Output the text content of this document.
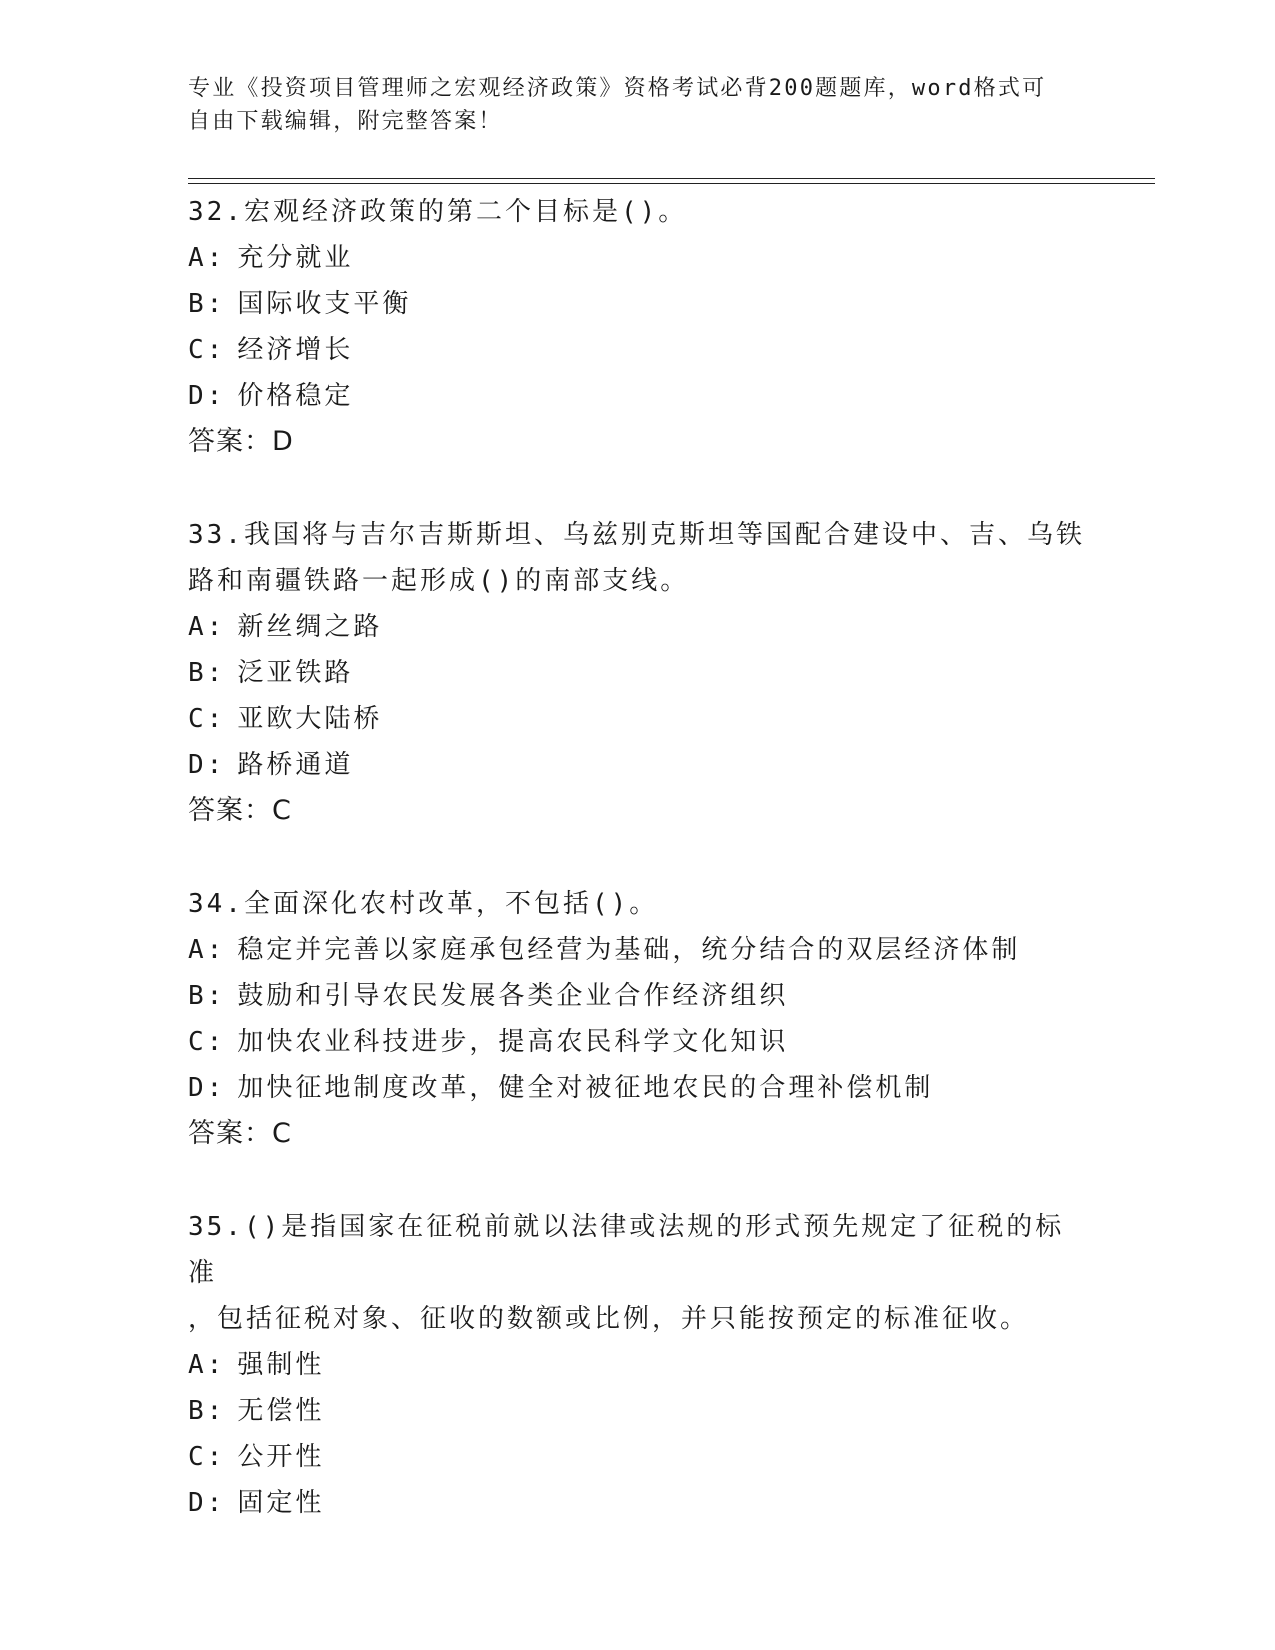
专业《投资项目管理师之宏观经济政策》资格考试必背200题题库，word格式可
自由下载编辑，附完整答案！
32.宏观经济政策的第二个目标是()。
A: 充分就业
B: 国际收支平衡
C: 经济增长
D: 价格稳定
答案：D
33.我国将与吉尔吉斯斯坦、乌兹别克斯坦等国配合建设中、吉、乌铁
路和南疆铁路一起形成()的南部支线。
A: 新丝绸之路
B: 泛亚铁路
C: 亚欧大陆桥
D: 路桥通道
答案：C
34.全面深化农村改革，不包括()。
A: 稳定并完善以家庭承包经营为基础，统分结合的双层经济体制
B: 鼓励和引导农民发展各类企业合作经济组织
C: 加快农业科技进步，提高农民科学文化知识
D: 加快征地制度改革，健全对被征地农民的合理补偿机制
答案：C
35.()是指国家在征税前就以法律或法规的形式预先规定了征税的标准
，包括征税对象、征收的数额或比例，并只能按预定的标准征收。
A: 强制性
B: 无偿性
C: 公开性
D: 固定性
